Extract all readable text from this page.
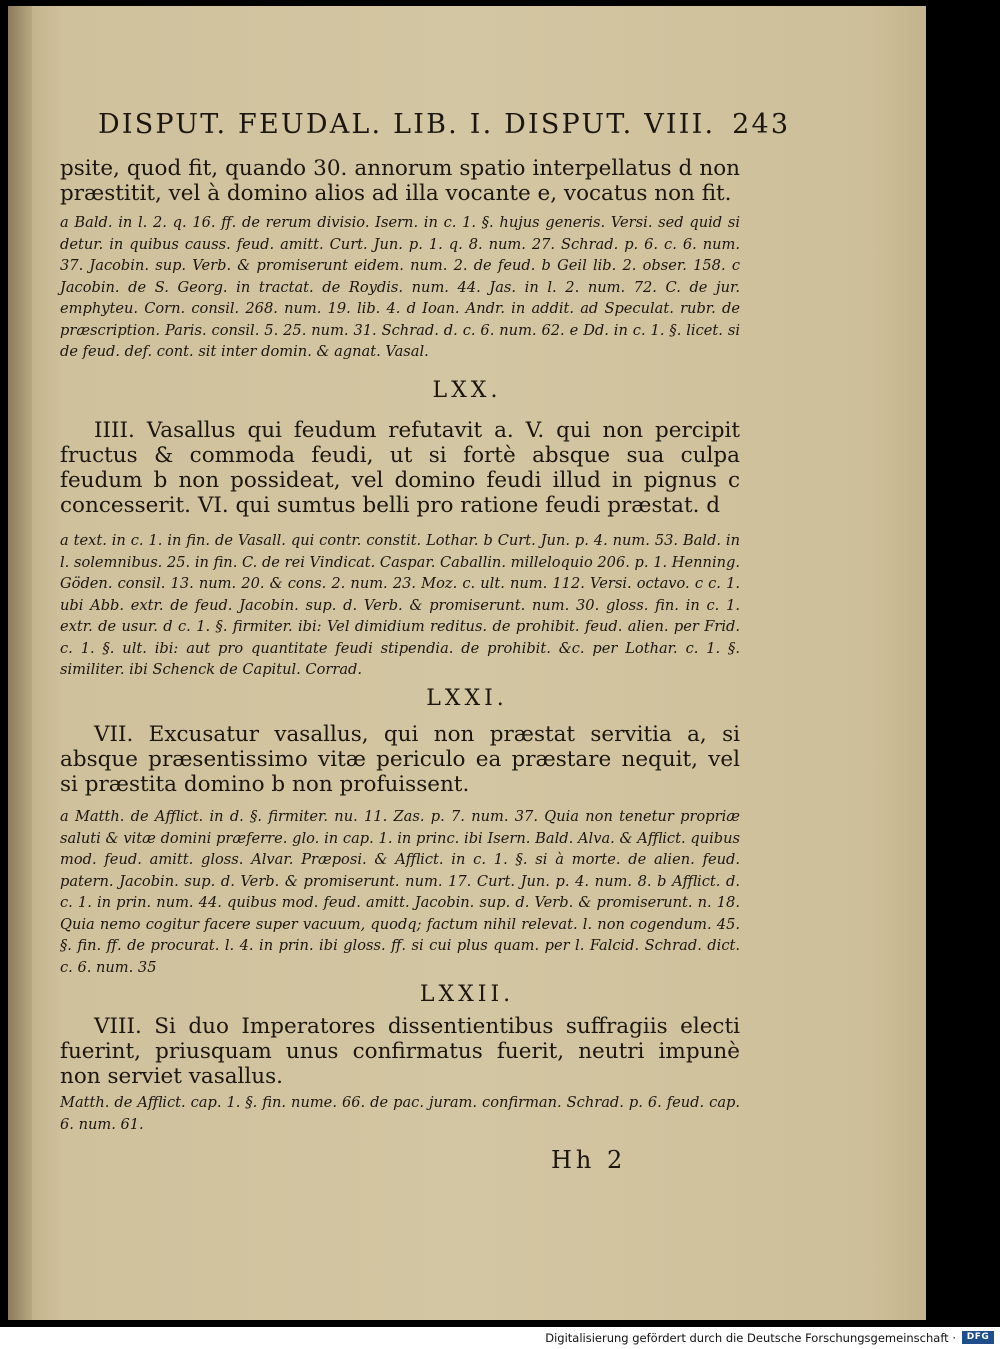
DISPUT. FEUDAL. LIB. I. DISPUT. VIII. 243
psite, quod fit, quando 30. annorum spatio interpellatus d non præstitit, vel à domino alios ad illa vocante e, vocatus non fit.
a Bald. in l. 2. q. 16. ff. de rerum divisio. Isern. in c. 1. §. hujus generis. Versi. sed quid si detur. in quibus causs. feud. amitt. Curt. Jun. p. 1. q. 8. num. 27. Schrad. p. 6. c. 6. num. 37. Jacobin. sup. Verb. & promiserunt eidem. num. 2. de feud. b Geil lib. 2. obser. 158. c Jacobin. de S. Georg. in tractat. de Roydis. num. 44. Jas. in l. 2. num. 72. C. de jur. emphyteu. Corn. consil. 268. num. 19. lib. 4. d Ioan. Andr. in addit. ad Speculat. rubr. de præscription. Paris. consil. 5. 25. num. 31. Schrad. d. c. 6. num. 62. e Dd. in c. 1. §. licet. si de feud. def. cont. sit inter domin. & agnat. Vasal.
LXX.
IIII. Vasallus qui feudum refutavit a. V. qui non percipit fructus & commoda feudi, ut si fortè absque sua culpa feudum b non possideat, vel domino feudi illud in pignus c concesserit. VI. qui sumtus belli pro ratione feudi præstat. d
a text. in c. 1. in fin. de Vasall. qui contr. constit. Lothar. b Curt. Jun. p. 4. num. 53. Bald. in l. solemnibus. 25. in fin. C. de rei Vindicat. Caspar. Caballin. milleloquio 206. p. 1. Henning. Göden. consil. 13. num. 20. & cons. 2. num. 23. Moz. c. ult. num. 112. Versi. octavo. c c. 1. ubi Abb. extr. de feud. Jacobin. sup. d. Verb. & promiserunt. num. 30. gloss. fin. in c. 1. extr. de usur. d c. 1. §. firmiter. ibi: Vel dimidium reditus. de prohibit. feud. alien. per Frid. c. 1. §. ult. ibi: aut pro quantitate feudi stipendia. de prohibit. &c. per Lothar. c. 1. §. similiter. ibi Schenck de Capitul. Corrad.
LXXI.
VII. Excusatur vasallus, qui non præstat servitia a, si absque præsentissimo vitæ periculo ea præstare nequit, vel si præstita domino b non profuissent.
a Matth. de Afflict. in d. §. firmiter. nu. 11. Zas. p. 7. num. 37. Quia non tenetur propriæ saluti & vitæ domini præferre. glo. in cap. 1. in princ. ibi Isern. Bald. Alva. & Afflict. quibus mod. feud. amitt. gloss. Alvar. Præposi. & Afflict. in c. 1. §. si à morte. de alien. feud. patern. Jacobin. sup. d. Verb. & promiserunt. num. 17. Curt. Jun. p. 4. num. 8. b Afflict. d. c. 1. in prin. num. 44. quibus mod. feud. amitt. Jacobin. sup. d. Verb. & promiserunt. n. 18. Quia nemo cogitur facere super vacuum, quodq; factum nihil relevat. l. non cogendum. 45. §. fin. ff. de procurat. l. 4. in prin. ibi gloss. ff. si cui plus quam. per l. Falcid. Schrad. dict. c. 6. num. 35
LXXII.
VIII. Si duo Imperatores dissentientibus suffragiis electi fuerint, priusquam unus confirmatus fuerit, neutri impunè non serviet vasallus.
Matth. de Afflict. cap. 1. §. fin. nume. 66. de pac. juram. confirman. Schrad. p. 6. feud. cap. 6. num. 61.
Hh 2
Digitalisierung gefördert durch die Deutsche Forschungsgemeinschaft ·	DFG
